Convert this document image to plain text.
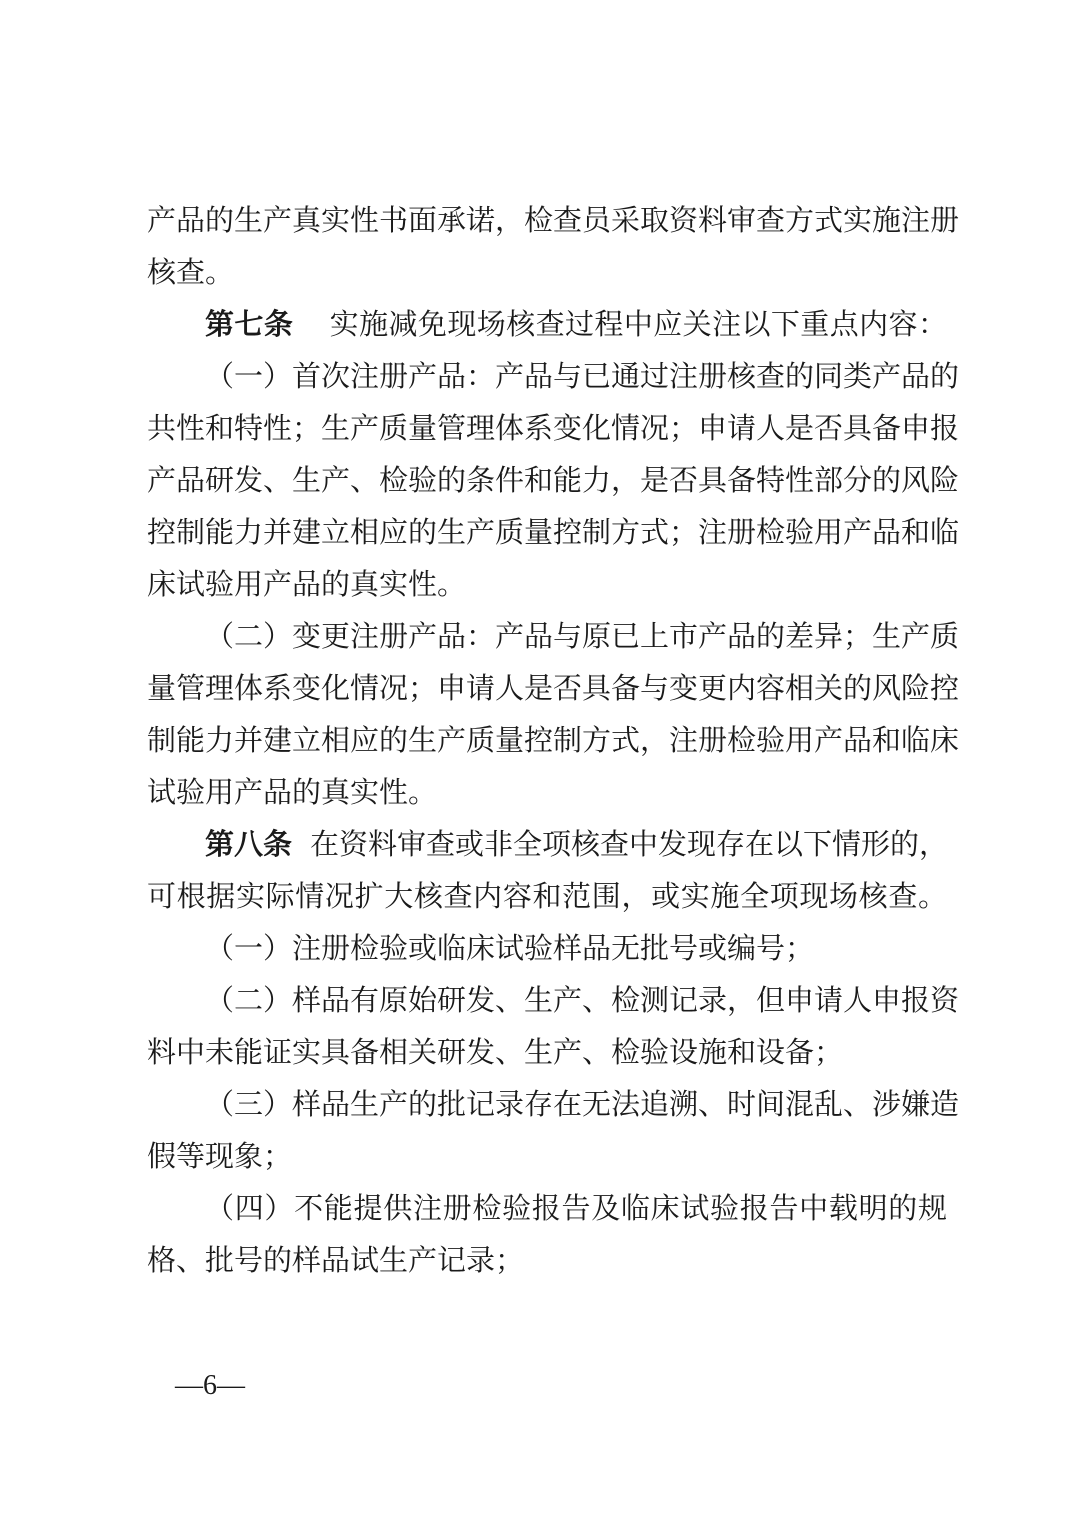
产品的生产真实性书面承诺，检查员采取资料审查方式实施注册
核查。
第七条 实施减免现场核查过程中应关注以下重点内容：
（一）首次注册产品：产品与已通过注册核查的同类产品的
共性和特性；生产质量管理体系变化情况；申请人是否具备申报
产品研发、生产、检验的条件和能力，是否具备特性部分的风险
控制能力并建立相应的生产质量控制方式；注册检验用产品和临
床试验用产品的真实性。
（二）变更注册产品：产品与原已上市产品的差异；生产质
量管理体系变化情况；申请人是否具备与变更内容相关的风险控
制能力并建立相应的生产质量控制方式，注册检验用产品和临床
试验用产品的真实性。
第八条 在资料审查或非全项核查中发现存在以下情形的，
可根据实际情况扩大核查内容和范围，或实施全项现场核查。
（一）注册检验或临床试验样品无批号或编号；
（二）样品有原始研发、生产、检测记录，但申请人申报资
料中未能证实具备相关研发、生产、检验设施和设备；
（三）样品生产的批记录存在无法追溯、时间混乱、涉嫌造
假等现象；
（四）不能提供注册检验报告及临床试验报告中载明的规
格、批号的样品试生产记录；
—6—
